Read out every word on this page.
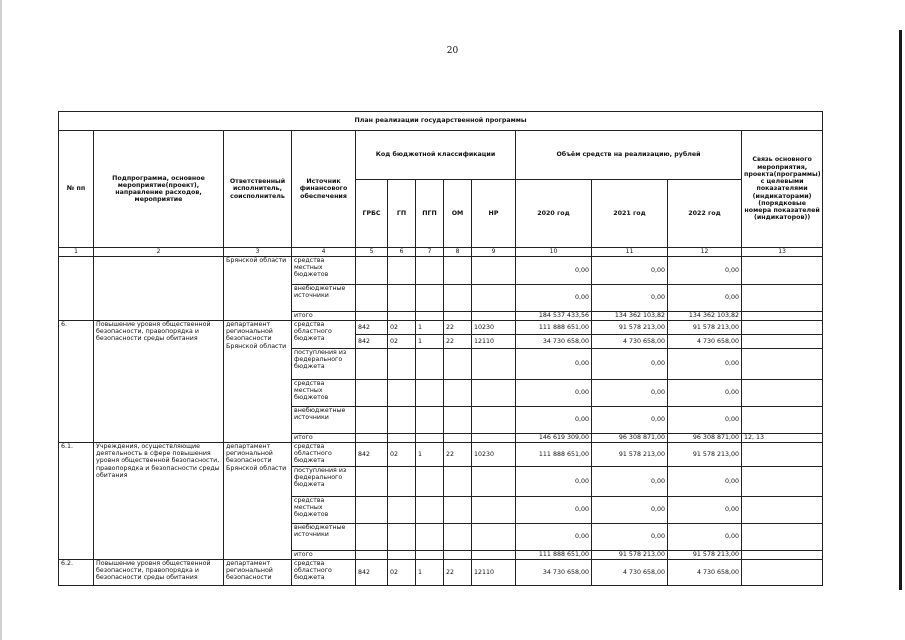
20
План реализации государственной программы												
№ пп	Подпрограмма, основное мероприятие(проект), направление расходов, мероприятие	Ответственный исполнитель, соисполнитель	Источник финансового обеспечения	Код бюджетной классификации					Объём средств на реализацию, рублей			Связь основного мероприятия, проекта(программы) с целевыми показателями (индикаторами) (порядковые номера показателей (индикаторов))
				ГРБС	ГП	ПГП	ОМ	НР	2020 год	2021 год	2022 год	
1	2	3	4	5	6	7	8	9	10	11	12	13
		Брянской области	средства местных бюджетов						0,00	0,00	0,00	
			внебюджетные источники						0,00	0,00	0,00	
			итого						184 537 433,56	134 362 103,82	134 362 103,82	
6.	Повышение уровня общественной безопасности, правопорядка и безопасности среды обитания	департамент региональной безопасности Брянской области	средства областного бюджета	842	02	1	22	10230	111 888 651,00	91 578 213,00	91 578 213,00	
				842	02	1	22	12110	34 730 658,00	4 730 658,00	4 730 658,00	
			поступления из федерального бюджета						0,00	0,00	0,00	
			средства местных бюджетов						0,00	0,00	0,00	
			внебюджетные источники						0,00	0,00	0,00	
			итого						146 619 309,00	96 308 871,00	96 308 871,00	12, 13
6.1.	Учреждения, осуществляющие деятельность в сфере повышения уровня общественной безопасности, правопорядка и безопасности среды обитания	департамент региональной безопасности Брянской области	средства областного бюджета	842	02	1	22	10230	111 888 651,00	91 578 213,00	91 578 213,00	
			поступления из федерального бюджета						0,00	0,00	0,00	
			средства местных бюджетов						0,00	0,00	0,00	
			внебюджетные источники						0,00	0,00	0,00	
			итого						111 888 651,00	91 578 213,00	91 578 213,00	
6.2.	Повышение уровня общественной безопасности, правопорядка и безопасности среды обитания	департамент региональной безопасности	средства областного бюджета	842	02	1	22	12110	34 730 658,00	4 730 658,00	4 730 658,00	
